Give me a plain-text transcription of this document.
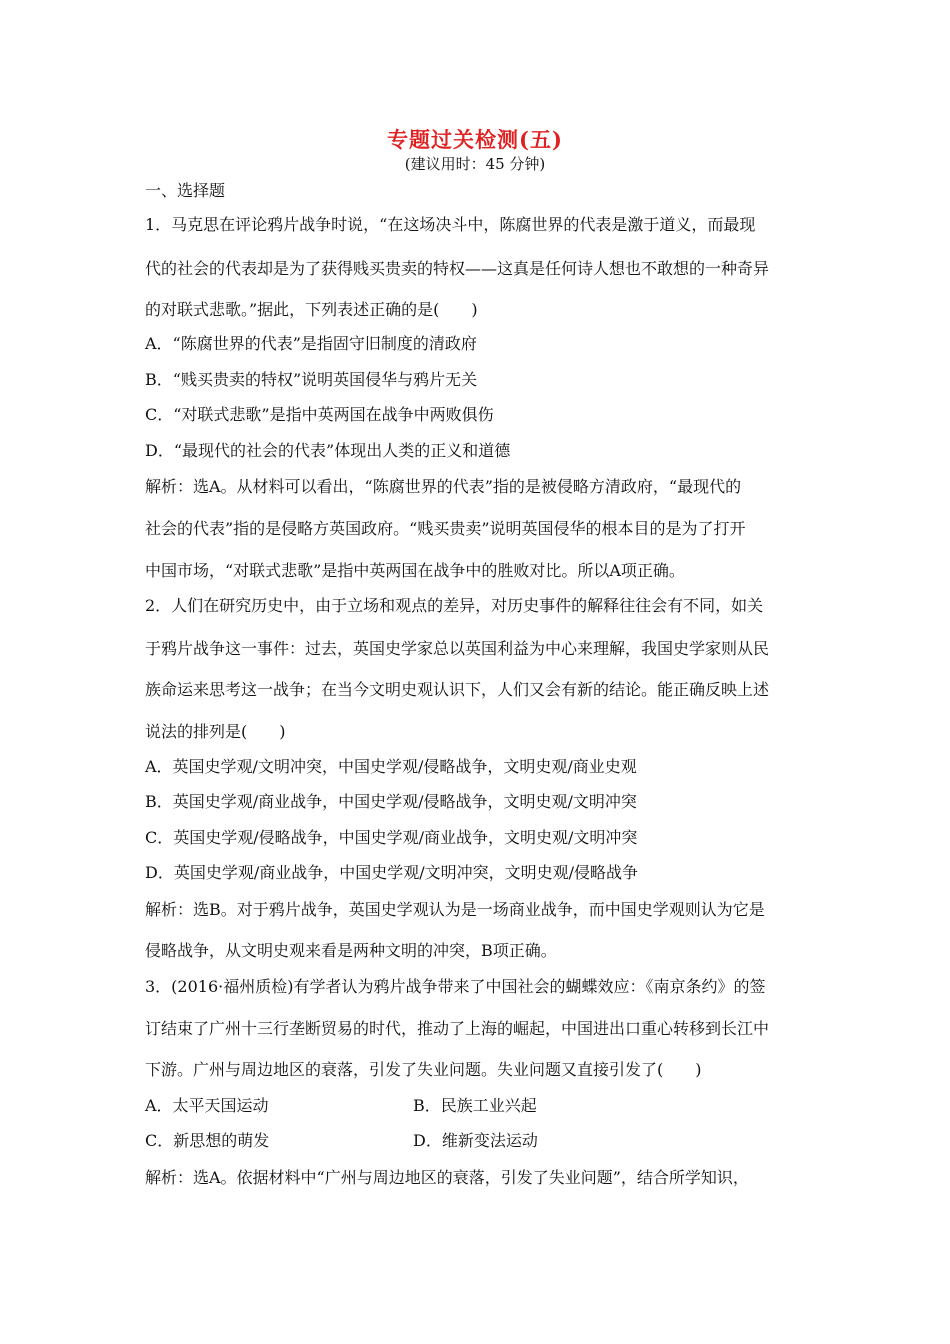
专题过关检测(五)
(建议用时：45 分钟)
一、选择题
1．马克思在评论鸦片战争时说，“在这场决斗中，陈腐世界的代表是激于道义，而最现
代的社会的代表却是为了获得贱买贵卖的特权——这真是任何诗人想也不敢想的一种奇异
的对联式悲歌。”据此，下列表述正确的是(　　)
A．“陈腐世界的代表”是指固守旧制度的清政府
B．“贱买贵卖的特权”说明英国侵华与鸦片无关
C．“对联式悲歌”是指中英两国在战争中两败俱伤
D．“最现代的社会的代表”体现出人类的正义和道德
解析：选A。从材料可以看出，“陈腐世界的代表”指的是被侵略方清政府，“最现代的
社会的代表”指的是侵略方英国政府。“贱买贵卖”说明英国侵华的根本目的是为了打开
中国市场，“对联式悲歌”是指中英两国在战争中的胜败对比。所以A项正确。
2．人们在研究历史中，由于立场和观点的差异，对历史事件的解释往往会有不同，如关
于鸦片战争这一事件：过去，英国史学家总以英国利益为中心来理解，我国史学家则从民
族命运来思考这一战争；在当今文明史观认识下，人们又会有新的结论。能正确反映上述
说法的排列是(　　)
A．英国史学观/文明冲突，中国史学观/侵略战争，文明史观/商业史观
B．英国史学观/商业战争，中国史学观/侵略战争，文明史观/文明冲突
C．英国史学观/侵略战争，中国史学观/商业战争，文明史观/文明冲突
D．英国史学观/商业战争，中国史学观/文明冲突，文明史观/侵略战争
解析：选B。对于鸦片战争，英国史学观认为是一场商业战争，而中国史学观则认为它是
侵略战争，从文明史观来看是两种文明的冲突，B项正确。
3．(2016·福州质检)有学者认为鸦片战争带来了中国社会的蝴蝶效应：《南京条约》的签
订结束了广州十三行垄断贸易的时代，推动了上海的崛起，中国进出口重心转移到长江中
下游。广州与周边地区的衰落，引发了失业问题。失业问题又直接引发了(　　)
A．太平天国运动	B．民族工业兴起
C．新思想的萌发	D．维新变法运动
解析：选A。依据材料中“广州与周边地区的衰落，引发了失业问题”，结合所学知识，
